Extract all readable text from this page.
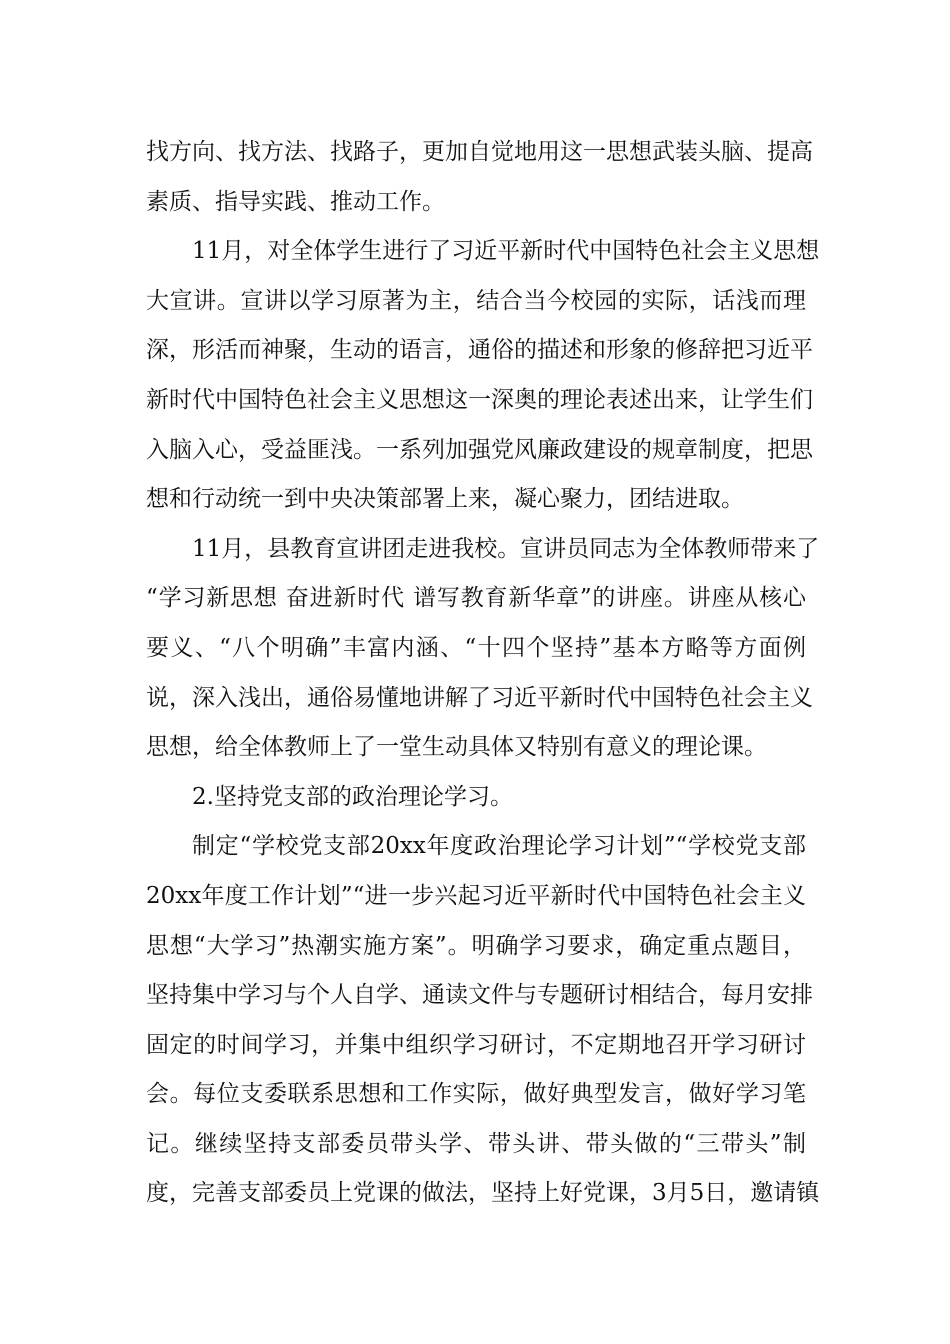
找方向、找方法、找路子，更加自觉地用这一思想武装头脑、提高
素质、指导实践、推动工作。
11月，对全体学生进行了习近平新时代中国特色社会主义思想
大宣讲。宣讲以学习原著为主，结合当今校园的实际，话浅而理
深，形活而神聚，生动的语言，通俗的描述和形象的修辞把习近平
新时代中国特色社会主义思想这一深奥的理论表述出来，让学生们
入脑入心，受益匪浅。一系列加强党风廉政建设的规章制度，把思
想和行动统一到中央决策部署上来，凝心聚力，团结进取。
11月，县教育宣讲团走进我校。宣讲员同志为全体教师带来了
“学习新思想 奋进新时代 谱写教育新华章”的讲座。讲座从核心
要义、“八个明确”丰富内涵、“十四个坚持”基本方略等方面例
说，深入浅出，通俗易懂地讲解了习近平新时代中国特色社会主义
思想，给全体教师上了一堂生动具体又特别有意义的理论课。
2.坚持党支部的政治理论学习。
制定“学校党支部20xx年度政治理论学习计划”“学校党支部
20xx年度工作计划”“进一步兴起习近平新时代中国特色社会主义
思想“大学习”热潮实施方案”。明确学习要求，确定重点题目，
坚持集中学习与个人自学、通读文件与专题研讨相结合，每月安排
固定的时间学习，并集中组织学习研讨，不定期地召开学习研讨
会。每位支委联系思想和工作实际，做好典型发言，做好学习笔
记。继续坚持支部委员带头学、带头讲、带头做的“三带头”制
度，完善支部委员上党课的做法，坚持上好党课，3月5日，邀请镇
